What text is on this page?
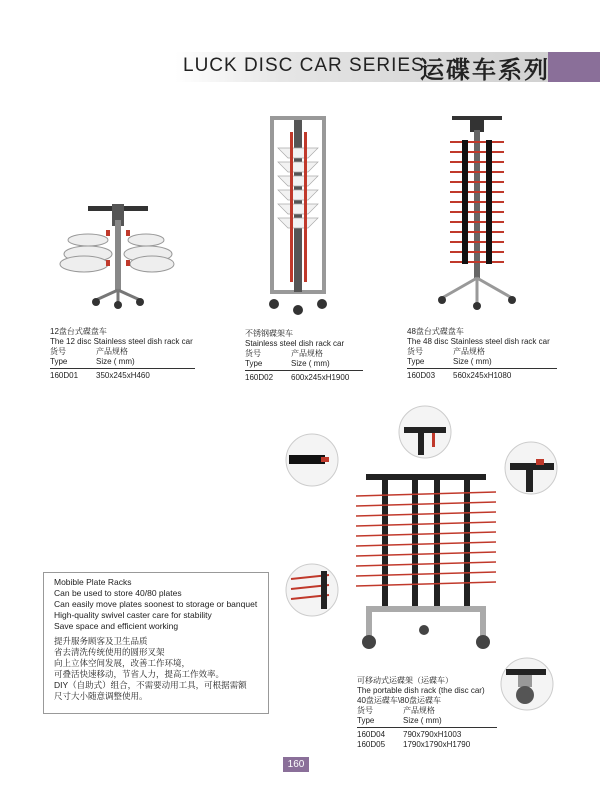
LUCK DISC CAR SERIES
运碟车系列
12盘台式碟盘车
The 12 disc Stainless steel dish rack car
货号	产品规格
Type	Size ( mm)
160D01	350x245xH460
不锈钢碟架车
Stainless steel dish rack car
货号	产品规格
Type	Size ( mm)
160D02	600x245xH1900
48盘台式碟盘车
The 48 disc Stainless steel dish rack car
货号	产品规格
Type	Size ( mm)
160D03	560x245xH1080
Mobible Plate Racks
Can be used to store 40/80 plates
Can easily move plates soonest to storage or banquet
High-quality swivel caster care for stability
Save space and efficient working
提升服务顾客及卫生品质
省去清洗传统使用的圆形叉架
向上立体空间发展，改善工作环境，
可叠活快速移动，节省人力，提高工作效率。
DIY（自助式）组合，不需要动用工具，可根据需额
尺寸大小随意调整使用。
可移动式运碟架（运碟车）
The portable dish rack (the disc car)
40盘运碟车\80盘运碟车
货号	产品规格
Type	Size ( mm)
160D04	790x790xH1003
160D05	1790x1790xH1790
160
